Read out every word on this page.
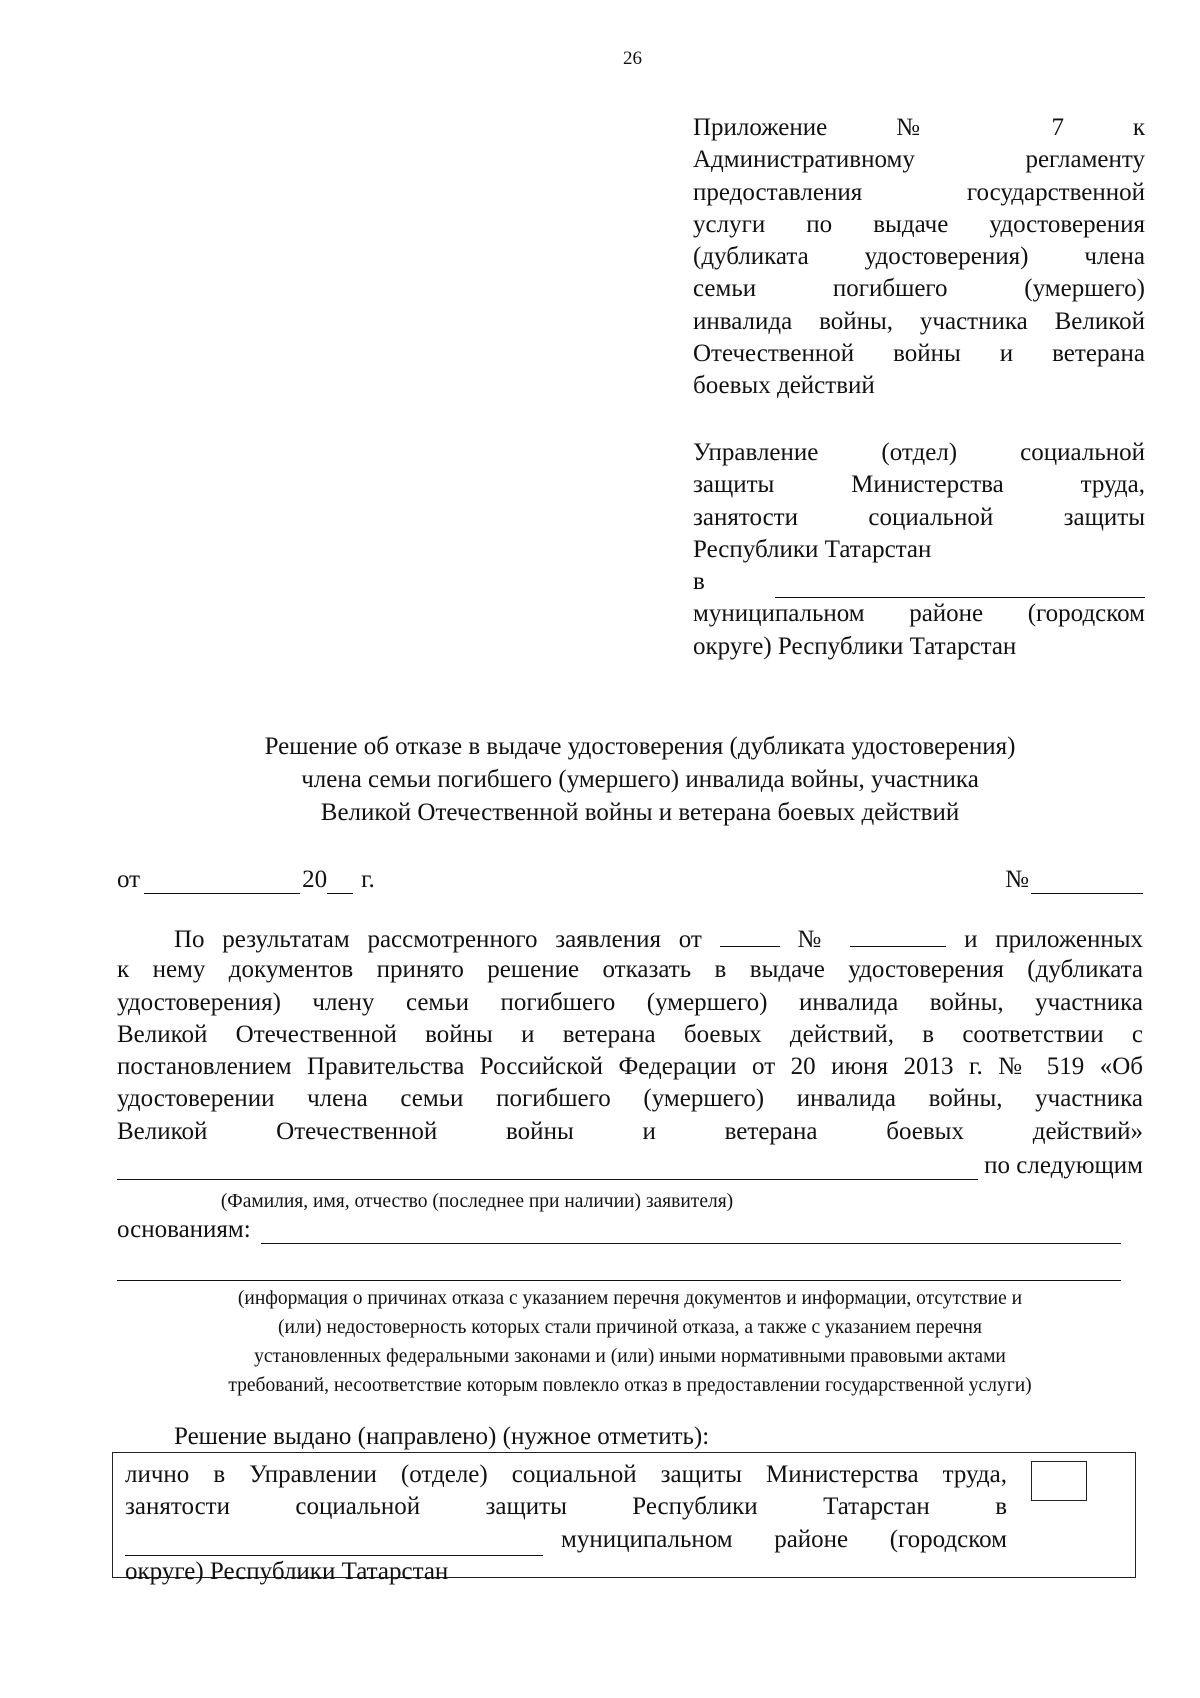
26
Приложение № 7 к
Административному регламенту
предоставления государственной
услуги по выдаче удостоверения
(дубликата удостоверения) члена
семьи погибшего (умершего)
инвалида войны, участника Великой
Отечественной войны и ветерана
боевых действий
Управление (отдел) социальной
защиты Министерства труда,
занятости социальной защиты
Республики Татарстан
в
муниципальном районе (городском
округе) Республики Татарстан
Решение об отказе в выдаче удостоверения (дубликата удостоверения)
члена семьи погибшего (умершего) инвалида войны, участника
Великой Отечественной войны и ветерана боевых действий
от	20 г.	№
По результатам рассмотренного заявления от	№	и приложенных
к нему документов принято решение отказать в выдаче удостоверения (дубликата
удостоверения) члену семьи погибшего (умершего) инвалида войны, участника
Великой Отечественной войны и ветерана боевых действий, в соответствии с
постановлением Правительства Российской Федерации от 20 июня 2013 г. № 519 «Об
удостоверении члена семьи погибшего (умершего) инвалида войны, участника
Великой Отечественной войны и ветерана боевых действий»
по следующим
(Фамилия, имя, отчество (последнее при наличии) заявителя)
основаниям:
(информация о причинах отказа с указанием перечня документов и информации, отсутствие и
(или) недостоверность которых стали причиной отказа, а также с указанием перечня
установленных федеральными законами и (или) иными нормативными правовыми актами
требований, несоответствие которым повлекло отказ в предоставлении государственной услуги)
Решение выдано (направлено) (нужное отметить):
лично в Управлении (отделе) социальной защиты Министерства труда,
занятости социальной защиты Республики Татарстан в
муниципальном районе (городском
округе) Республики Татарстан
